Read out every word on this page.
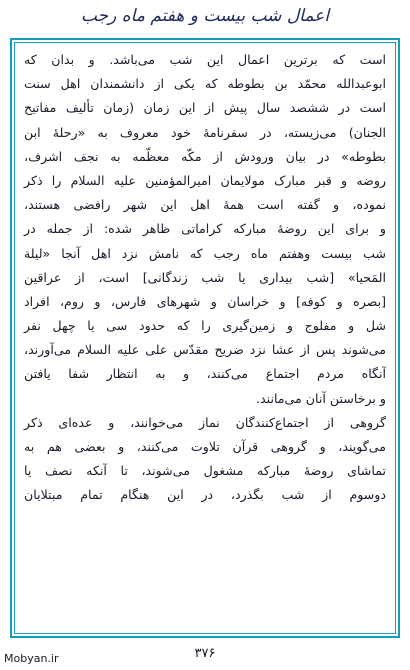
اعمال شب بیست و هفتم ماه رجب
است که برترین اعمال این شب می‌باشد. و بدان که
ابوعبدالله محمّد بن بطوطه که یکی از دانشمندان اهل سنت
است در ششصد سال پیش از این زمان (زمان تألیف مفاتیح
الجنان) می‌زیسته، در سفرنامهٔ خود معروف به «رحلهٔ ابن
بطوطه» در بیان ورودش از مکّه معظّمه به نجف اشرف،
روضه و قبر مبارک مولایمان امیرالمؤمنین علیه السلام را ذکر
نموده، و گفته است همهٔ اهل این شهر رافضی هستند،
و برای این روضهٔ مبارکه کراماتی ظاهر شده: از جمله در
شب بیست وهفتم ماه رجب که نامش نزد اهل آنجا «لیلة
المَحیا» [شب بیداری یا شب زندگانی] است، از عراقین
[بصره و کوفه] و خراسان و شهرهای فارس، و روم، افراد
شل و مفلوج و زمین‌گیری را که حدود سی یا چهل نفر
می‌شوند پس از عشا نزد ضریح مقدّس علی علیه السلام می‌آورند،
آنگاه مردم اجتماع می‌کنند، و به انتظار شفا یافتن
و برخاستن آنان می‌مانند.
گروهی از اجتماع‌کنندگان نماز می‌خوانند، و عده‌ای ذکر
می‌گویند، و گروهی قرآن تلاوت می‌کنند، و بعضی هم به
تماشای روضهٔ مبارکه مشغول می‌شوند، تا آنکه نصف یا
دوسوم از شب بگذرد، در این هنگام تمام مبتلایان
۳۷۶
Mobyan.ir
